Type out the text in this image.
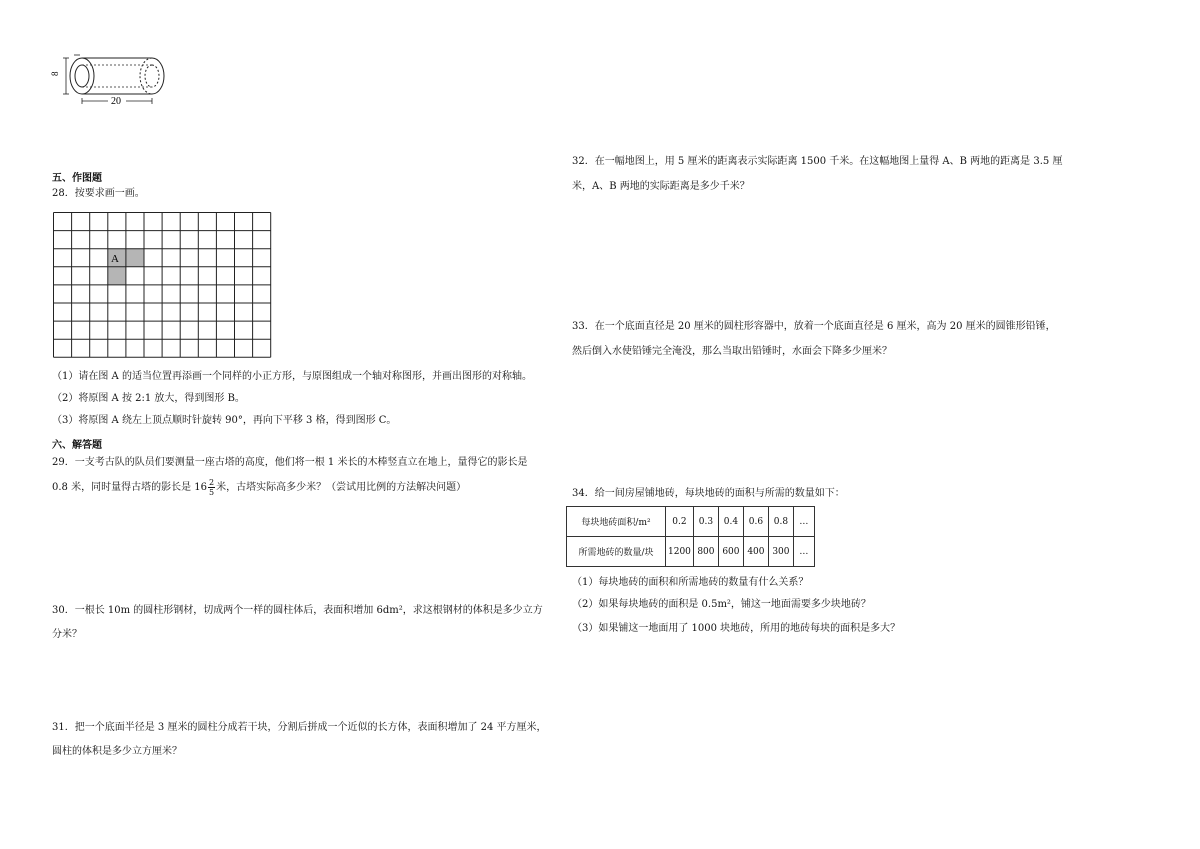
8
20
五、作图题
28．按要求画一画。
A
（1）请在图 A 的适当位置再添画一个同样的小正方形，与原图组成一个轴对称图形，并画出图形的对称轴。
（2）将原图 A 按 2:1 放大，得到图形 B。
（3）将原图 A 绕左上顶点顺时针旋转 90°，再向下平移 3 格，得到图形 C。
六、解答题
29．一支考古队的队员们要测量一座古塔的高度，他们将一根 1 米长的木棒竖直立在地上，量得它的影长是
0.8 米，同时量得古塔的影长是 $16 \frac{2}{5}$ 米，古塔实际高多少米？（尝试用比例的方法解决问题）
30．一根长 10m 的圆柱形钢材，切成两个一样的圆柱体后，表面积增加 6dm²，求这根钢材的体积是多少立方
分米？
31．把一个底面半径是 3 厘米的圆柱分成若干块，分割后拼成一个近似的长方体，表面积增加了 24 平方厘米，
圆柱的体积是多少立方厘米？
32．在一幅地图上，用 5 厘米的距离表示实际距离 1500 千米。在这幅地图上量得 A、B 两地的距离是 3.5 厘
米，A、B 两地的实际距离是多少千米？
33．在一个底面直径是 20 厘米的圆柱形容器中，放着一个底面直径是 6 厘米，高为 20 厘米的圆锥形铅锤，
然后倒入水使铅锤完全淹没，那么当取出铅锤时，水面会下降多少厘米？
34．给一间房屋铺地砖，每块地砖的面积与所需的数量如下：
每块地砖面积/m²	0.2	0.3	0.4	0.6	0.8	…
所需地砖的数量/块	1200	800	600	400	300	…
（1）每块地砖的面积和所需地砖的数量有什么关系？
（2）如果每块地砖的面积是 0.5m²，铺这一地面需要多少块地砖？
（3）如果铺这一地面用了 1000 块地砖，所用的地砖每块的面积是多大？
